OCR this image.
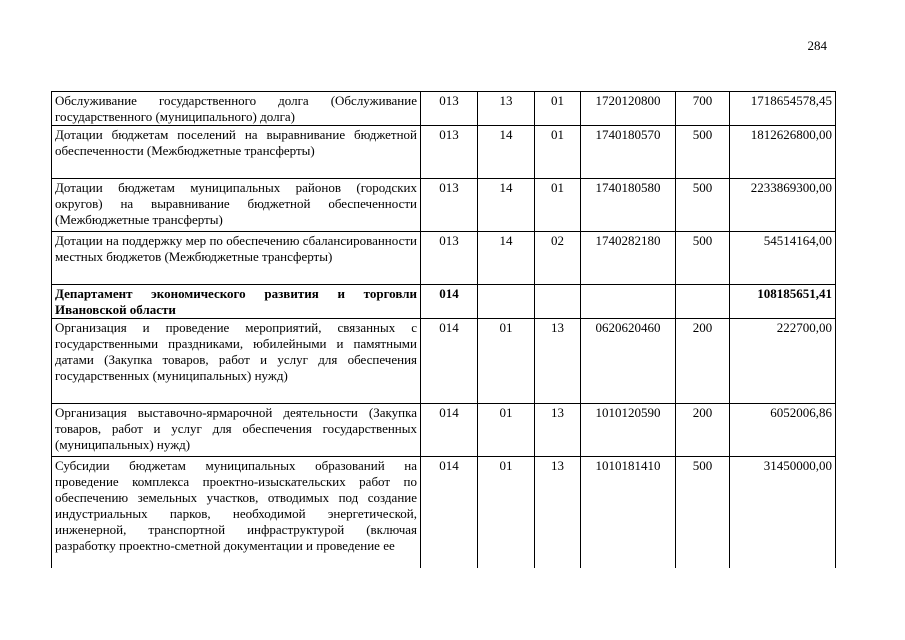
284
Обслуживание государственного долга (Обслуживание государственного (муниципального) долга)	013	13	01	1720120800	700	1718654578,45
Дотации бюджетам поселений на выравнивание бюджетной обеспеченности (Межбюджетные трансферты)	013	14	01	1740180570	500	1812626800,00
Дотации бюджетам муниципальных районов (городских округов) на выравнивание бюджетной обеспеченности (Межбюджетные трансферты)	013	14	01	1740180580	500	2233869300,00
Дотации на поддержку мер по обеспечению сбалансированности местных бюджетов (Межбюджетные трансферты)	013	14	02	1740282180	500	54514164,00
Департамент экономического развития и торговли Ивановской области	014					108185651,41
Организация и проведение мероприятий, связанных с государственными праздниками, юбилейными и памятными датами (Закупка товаров, работ и услуг для обеспечения государственных (муниципальных) нужд)	014	01	13	0620620460	200	222700,00
Организация выставочно-ярмарочной деятельности (Закупка товаров, работ и услуг для обеспечения государственных (муниципальных) нужд)	014	01	13	1010120590	200	6052006,86
Субсидии бюджетам муниципальных образований на проведение комплекса проектно-изыскательских работ по обеспечению земельных участков, отводимых под создание индустриальных парков, необходимой энергетической, инженерной, транспортной инфраструктурой (включая разработку проектно-сметной документации и проведение ее	014	01	13	1010181410	500	31450000,00
